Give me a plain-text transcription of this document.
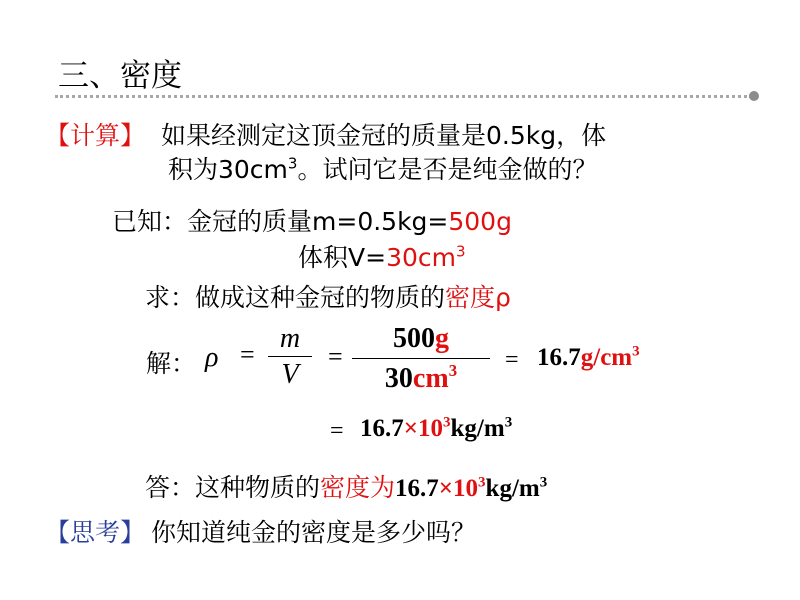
三、密度
【计算】 如果经测定这顶金冠的质量是0.5kg，体
积为$30cm^3$。试问它是否是纯金做的？
已知：金冠的质量m=0.5kg=500g
体积$V=30cm^3$
求：做成这种金冠的物质的密度ρ
解： ρ =
m
V
=
500g
$30cm^3 = 16.7g/cm^3$
= $16.7\times 10^3kg/m^3$
答：这种物质的密度为$16.7\times 10^3kg/m^3$
【思考】 你知道纯金的密度是多少吗？
